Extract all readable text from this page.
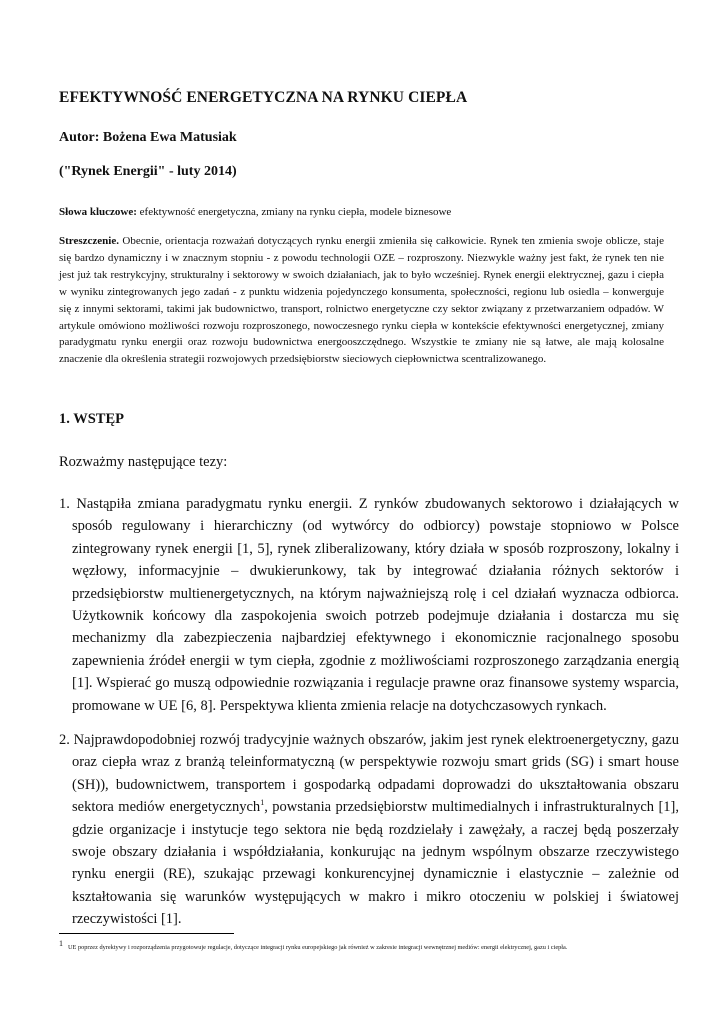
EFEKTYWNOŚĆ ENERGETYCZNA NA RYNKU CIEPŁA

Autor: Bożena Ewa Matusiak

("Rynek Energii" - luty 2014)

Słowa kluczowe: efektywność energetyczna, zmiany na rynku ciepła, modele biznesowe

Streszczenie. Obecnie, orientacja rozważań dotyczących rynku energii zmieniła się całkowicie. Rynek ten zmienia swoje oblicze, staje się bardzo dynamiczny i w znacznym stopniu - z powodu technologii OZE – rozproszony. Niezwykle ważny jest fakt, że rynek ten nie jest już tak restrykcyjny, strukturalny i sektorowy w swoich działaniach, jak to było wcześniej. Rynek energii elektrycznej, gazu i ciepła w wyniku zintegrowanych jego zadań - z punktu widzenia pojedynczego konsumenta, społeczności, regionu lub osiedla – konwerguje się z innymi sektorami, takimi jak budownictwo, transport, rolnictwo energetyczne czy sektor związany z przetwarzaniem odpadów. W artykule omówiono możliwości rozwoju rozproszonego, nowoczesnego rynku ciepła w kontekście efektywności energetycznej, zmiany paradygmatu rynku energii oraz rozwoju budownictwa energooszczędnego. Wszystkie te zmiany nie są łatwe, ale mają kolosalne znaczenie dla określenia strategii rozwojowych przedsiębiorstw sieciowych ciepłownictwa scentralizowanego.

1. WSTĘP

Rozważmy następujące tezy:

1. Nastąpiła zmiana paradygmatu rynku energii. Z rynków zbudowanych sektorowo i działających w sposób regulowany i hierarchiczny (od wytwórcy do odbiorcy) powstaje stopniowo w Polsce zintegrowany rynek energii [1, 5], rynek zliberalizowany, który działa w sposób rozproszony, lokalny i węzłowy, informacyjnie – dwukierunkowy, tak by integrować działania różnych sektorów i przedsiębiorstw multienergetycznych, na którym najważniejszą rolę i cel działań wyznacza odbiorca. Użytkownik końcowy dla zaspokojenia swoich potrzeb podejmuje działania i dostarcza mu się mechanizmy dla zabezpieczenia najbardziej efektywnego i ekonomicznie racjonalnego sposobu zapewnienia źródeł energii w tym ciepła, zgodnie z możliwościami rozproszonego zarządzania energią [1]. Wspierać go muszą odpowiednie rozwiązania i regulacje prawne oraz finansowe systemy wsparcia, promowane w UE [6, 8]. Perspektywa klienta zmienia relacje na dotychczasowych rynkach.

2. Najprawdopodobniej rozwój tradycyjnie ważnych obszarów, jakim jest rynek elektroenergetyczny, gazu oraz ciepła wraz z branżą teleinformatyczną (w perspektywie rozwoju smart grids (SG) i smart house (SH)), budownictwem, transportem i gospodarką odpadami doprowadzi do ukształtowania obszaru sektora mediów energetycznych$^1$, powstania przedsiębiorstw multimedialnych i infrastrukturalnych [1], gdzie organizacje i instytucje tego sektora nie będą rozdzielały i zawężały, a raczej będą poszerzały swoje obszary działania i współdziałania, konkurując na jednym wspólnym obszarze rzeczywistego rynku energii (RE), szukając przewagi konkurencyjnej dynamicznie i elastycznie – zależnie od kształtowania się warunków występujących w makro i mikro otoczeniu w polskiej i światowej rzeczywistości [1].

$^1$ UE poprzez dyrektywy i rozporządzenia przygotowuje regulacje, dotyczące integracji rynku europejskiego jak również w zakresie integracji wewnętrznej mediów: energii elektrycznej, gazu i ciepła.
